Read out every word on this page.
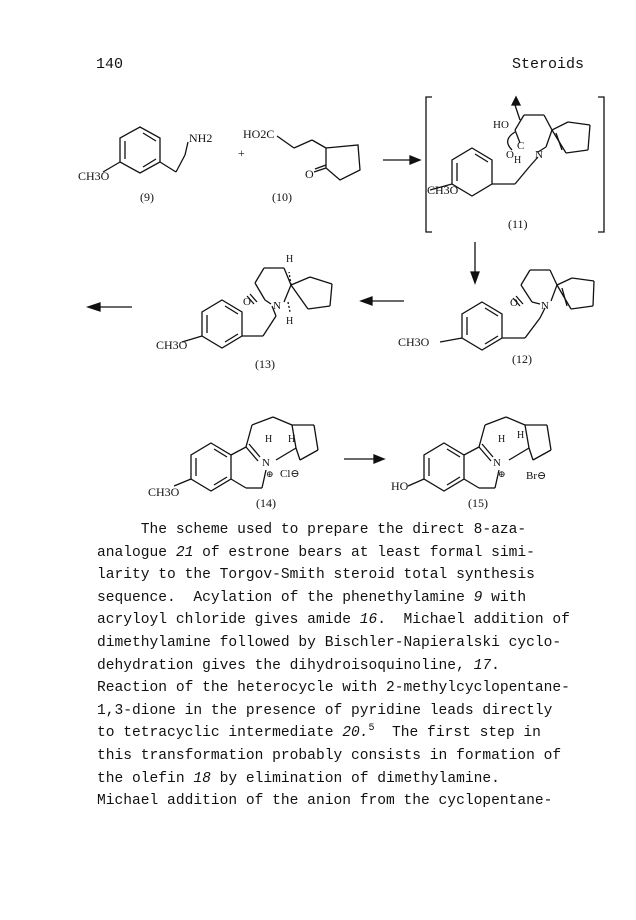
140	Steroids
NH2
CH3O
(9)
+
HO2C
O
(10)
HO
O
C
N
H
CH3O
(11)
O N
CH3O
(12)
H
H
O N
CH3O
(13)
H H
N
⊕ Cl⊖
CH3O
(14)
H H
N
⊕ Br⊖
HO
(15)
The scheme used to prepare the direct 8-aza-
analogue 21 of estrone bears at least formal simi-
larity to the Torgov-Smith steroid total synthesis
sequence.  Acylation of the phenethylamine 9 with
acryloyl chloride gives amide 16.  Michael addition of
dimethylamine followed by Bischler-Napieralski cyclo-
dehydration gives the dihydroisoquinoline, 17.
Reaction of the heterocycle with 2-methylcyclopentane-
1,3-dione in the presence of pyridine leads directly
to tetracyclic intermediate 20.$^5$  The first step in
this transformation probably consists in formation of
the olefin 18 by elimination of dimethylamine.
Michael addition of the anion from the cyclopentane-
